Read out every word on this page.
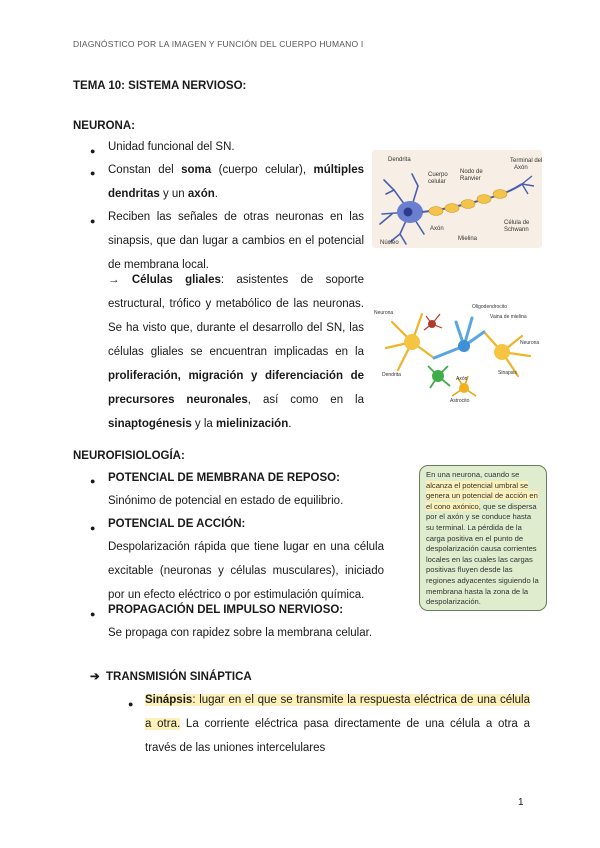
DIAGNÓSTICO POR LA IMAGEN Y FUNCIÓN DEL CUERPO HUMANO I
TEMA 10: SISTEMA NERVIOSO:
NEURONA:
●	Unidad funcional del SN.
●	Constan del soma (cuerpo celular), múltiples dendritas y un axón.
●	Reciben las señales de otras neuronas en las sinapsis, que dan lugar a cambios en el potencial de membrana local.
→ Células gliales: asistentes de soporte estructural, trófico y metabólico de las neuronas. Se ha visto que, durante el desarrollo del SN, las células gliales se encuentran implicadas en la proliferación, migración y diferenciación de precursores neuronales, así como en la sinaptogénesis y la mielinización.
Dendrita
Cuerpo
celular
Nodo de
Ranvier
Terminal del
Axón
Célula de
Schwann
Axón
Mielina
Núcleo
Oligodendrocito
Vaina de mielina
Neurona
Neurona
Sinapsis
Dendrita
Axón
Astrocito
NEUROFISIOLOGÍA:
●	POTENCIAL DE MEMBRANA DE REPOSO:
Sinónimo de potencial en estado de equilibrio.
●	POTENCIAL DE ACCIÓN:
Despolarización rápida que tiene lugar en una célula excitable (neuronas y células musculares), iniciado por un efecto eléctrico o por estimulación química.
●	PROPAGACIÓN DEL IMPULSO NERVIOSO:
Se propaga con rapidez sobre la membrana celular.
En una neurona, cuando se alcanza el potencial umbral se genera un potencial de acción en el cono axónico, que se dispersa por el axón y se conduce hasta su terminal. La pérdida de la carga positiva en el punto de despolarización causa corrientes locales en las cuales las cargas positivas fluyen desde las regiones adyacentes siguiendo la membrana hasta la zona de la despolarización.
➔ TRANSMISIÓN SINÁPTICA
●	Sinápsis: lugar en el que se transmite la respuesta eléctrica de una célula a otra. La corriente eléctrica pasa directamente de una célula a otra a través de las uniones intercelulares
1
